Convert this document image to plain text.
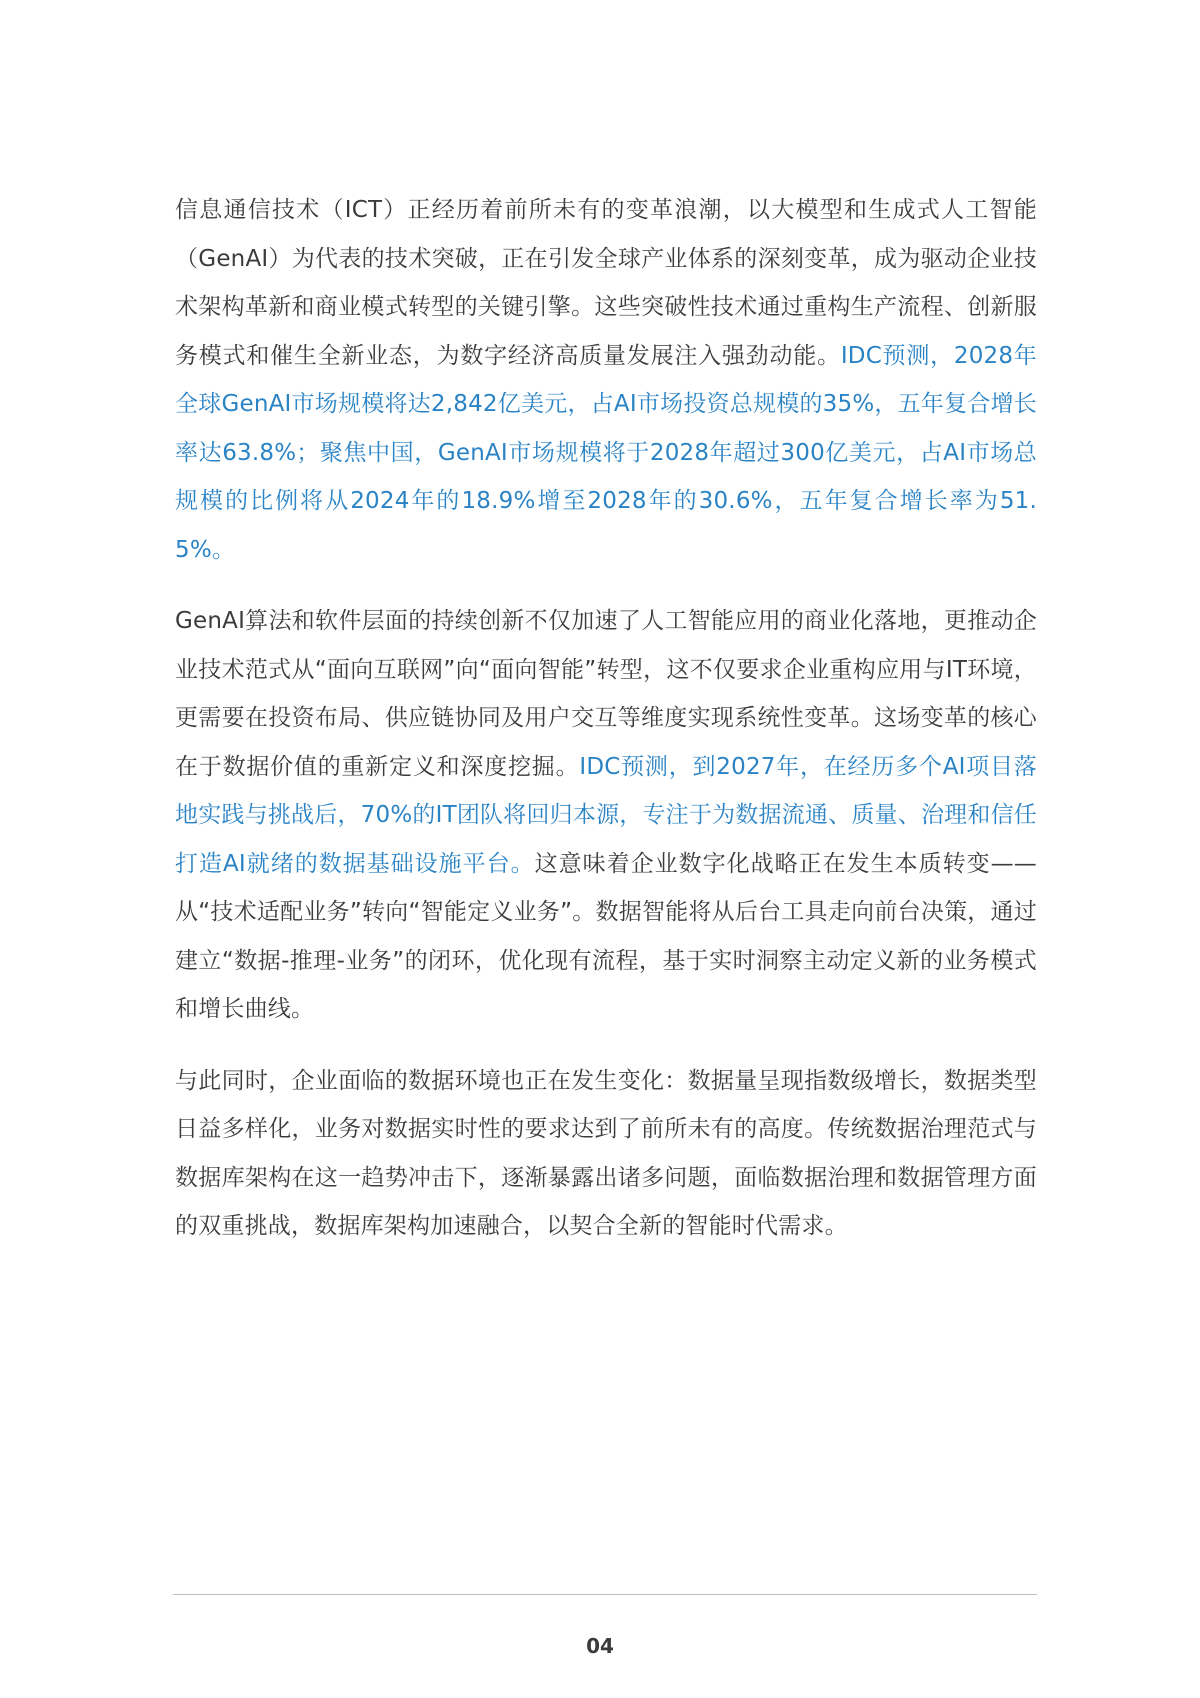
信息通信技术（ICT）正经历着前所未有的变革浪潮，以大模型和生成式人工智能（GenAI）为代表的技术突破，正在引发全球产业体系的深刻变革，成为驱动企业技术架构革新和商业模式转型的关键引擎。这些突破性技术通过重构生产流程、创新服务模式和催生全新业态，为数字经济高质量发展注入强劲动能。IDC预测，2028年全球GenAI市场规模将达2,842亿美元，占AI市场投资总规模的35%，五年复合增长率达63.8%；聚焦中国，GenAI市场规模将于2028年超过300亿美元，占AI市场总规模的比例将从2024年的18.9%增至2028年的30.6%，五年复合增长率为51.5%。

GenAI算法和软件层面的持续创新不仅加速了人工智能应用的商业化落地，更推动企业技术范式从“面向互联网”向“面向智能”转型，这不仅要求企业重构应用与IT环境，更需要在投资布局、供应链协同及用户交互等维度实现系统性变革。这场变革的核心在于数据价值的重新定义和深度挖掘。IDC预测，到2027年，在经历多个AI项目落地实践与挑战后，70%的IT团队将回归本源，专注于为数据流通、质量、治理和信任打造AI就绪的数据基础设施平台。这意味着企业数字化战略正在发生本质转变——从“技术适配业务”转向“智能定义业务”。数据智能将从后台工具走向前台决策，通过建立“数据-推理-业务”的闭环，优化现有流程，基于实时洞察主动定义新的业务模式和增长曲线。

与此同时，企业面临的数据环境也正在发生变化：数据量呈现指数级增长，数据类型日益多样化，业务对数据实时性的要求达到了前所未有的高度。传统数据治理范式与数据库架构在这一趋势冲击下，逐渐暴露出诸多问题，面临数据治理和数据管理方面的双重挑战，数据库架构加速融合，以契合全新的智能时代需求。

04
